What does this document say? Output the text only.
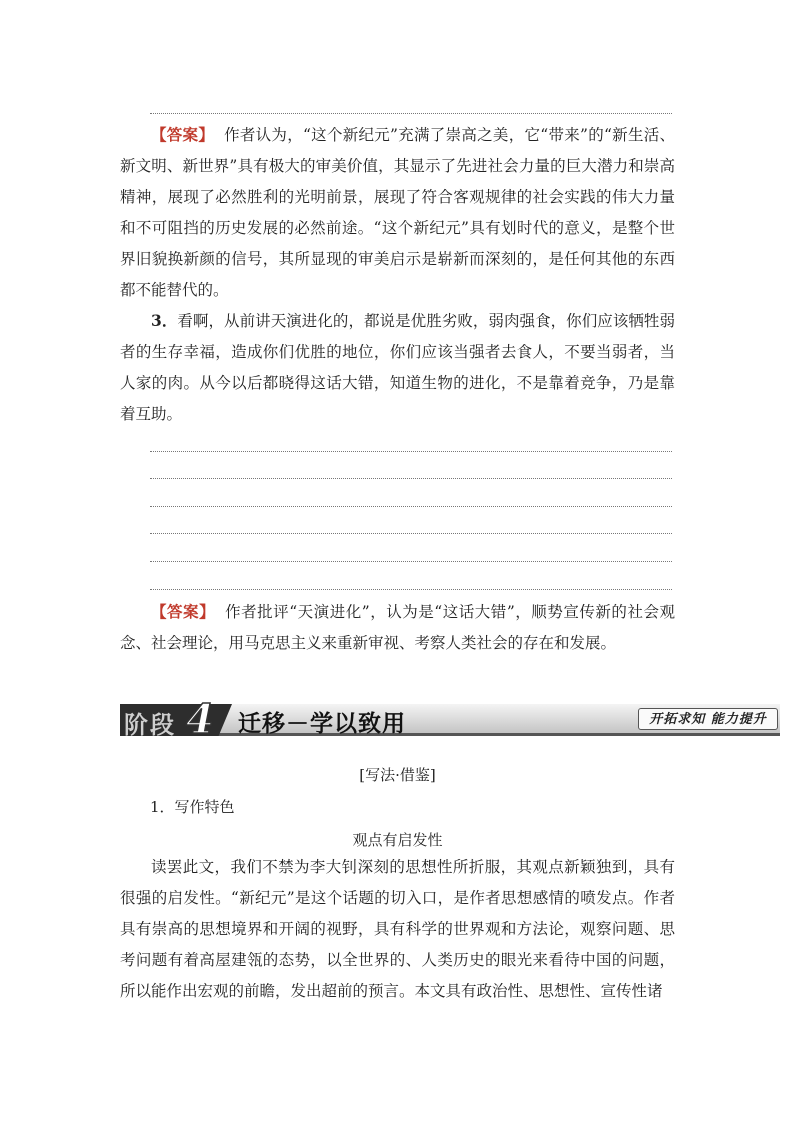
【答案】 作者认为，“这个新纪元”充满了崇高之美，它“带来”的“新生活、新文明、新世界”具有极大的审美价值，其显示了先进社会力量的巨大潜力和崇高精神，展现了必然胜利的光明前景，展现了符合客观规律的社会实践的伟大力量和不可阻挡的历史发展的必然前途。“这个新纪元”具有划时代的意义，是整个世界旧貌换新颜的信号，其所显现的审美启示是崭新而深刻的，是任何其他的东西都不能替代的。
3．看啊，从前讲天演进化的，都说是优胜劣败，弱肉强食，你们应该牺牲弱者的生存幸福，造成你们优胜的地位，你们应该当强者去食人，不要当弱者，当人家的肉。从今以后都晓得这话大错，知道生物的进化，不是靠着竞争，乃是靠着互助。
【答案】 作者批评“天演进化”，认为是“这话大错”，顺势宣传新的社会观念、社会理论，用马克思主义来重新审视、考察人类社会的存在和发展。
阶段 4 迁移－学以致用	开拓求知 能力提升
[写法·借鉴]
1．写作特色
观点有启发性
读罢此文，我们不禁为李大钊深刻的思想性所折服，其观点新颖独到，具有很强的启发性。“新纪元”是这个话题的切入口，是作者思想感情的喷发点。作者具有崇高的思想境界和开阔的视野，具有科学的世界观和方法论，观察问题、思考问题有着高屋建瓴的态势，以全世界的、人类历史的眼光来看待中国的问题，所以能作出宏观的前瞻，发出超前的预言。本文具有政治性、思想性、宣传性诸
